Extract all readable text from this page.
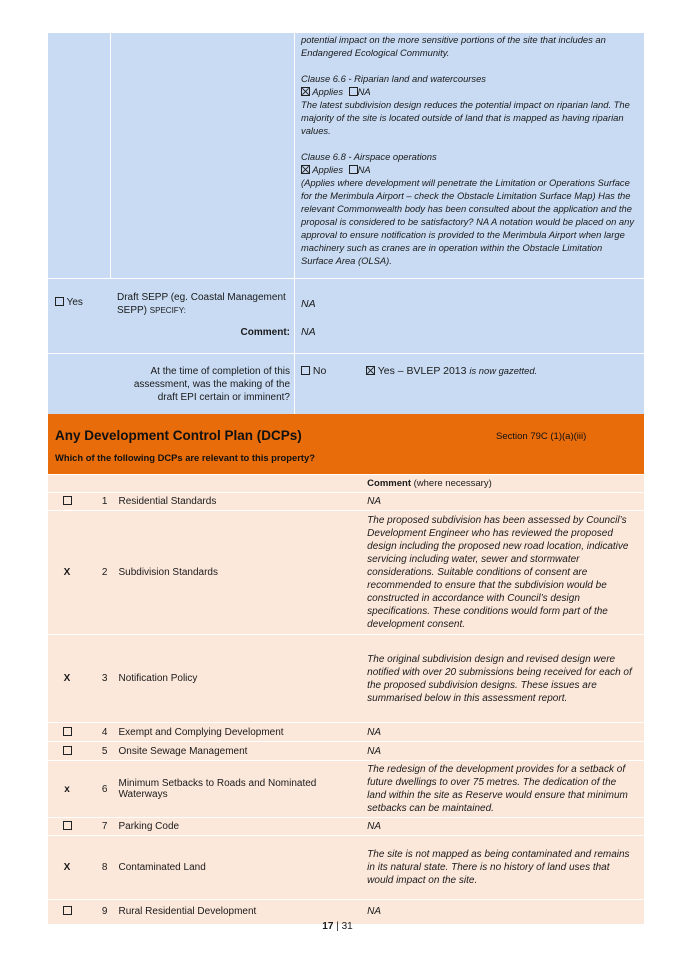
potential impact on the more sensitive portions of the site that includes an Endangered Ecological Community.
Clause 6.6 - Riparian land and watercourses
Applies NA
The latest subdivision design reduces the potential impact on riparian land. The majority of the site is located outside of land that is mapped as having riparian values.
Clause 6.8 - Airspace operations
Applies NA
(Applies where development will penetrate the Limitation or Operations Surface for the Merimbula Airport – check the Obstacle Limitation Surface Map) Has the relevant Commonwealth body has been consulted about the application and the proposal is considered to be satisfactory? NA A notation would be placed on any approval to ensure notification is provided to the Merimbula Airport when large machinery such as cranes are in operation within the Obstacle Limitation Surface Area (OLSA).
Yes	Draft SEPP (eg. Coastal Management SEPP) SPECIFY:
NA
Comment: NA
At the time of completion of this assessment, was the making of the draft EPI certain or imminent?
No	Yes – BVLEP 2013 is now gazetted.
Any Development Control Plan (DCPs)	Section 79C (1)(a)(iii)
Which of the following DCPs are relevant to this property?
			Comment (where necessary)
	1	Residential Standards	NA
X	2	Subdivision Standards	The proposed subdivision has been assessed by Council’s Development Engineer who has reviewed the proposed design including the proposed new road location, indicative servicing including water, sewer and stormwater considerations. Suitable conditions of consent are recommended to ensure that the subdivision would be constructed in accordance with Council’s design specifications. These conditions would form part of the development consent.
X	3	Notification Policy	The original subdivision design and revised design were notified with over 20 submissions being received for each of the proposed subdivision designs. These issues are summarised below in this assessment report.
	4	Exempt and Complying Development	NA
	5	Onsite Sewage Management	NA
x	6	Minimum Setbacks to Roads and Nominated Waterways	The redesign of the development provides for a setback of future dwellings to over 75 metres. The dedication of the land within the site as Reserve would ensure that minimum setbacks can be maintained.
	7	Parking Code	NA
X	8	Contaminated Land	The site is not mapped as being contaminated and remains in its natural state. There is no history of land uses that would impact on the site.
	9	Rural Residential Development	NA
17 | 31
